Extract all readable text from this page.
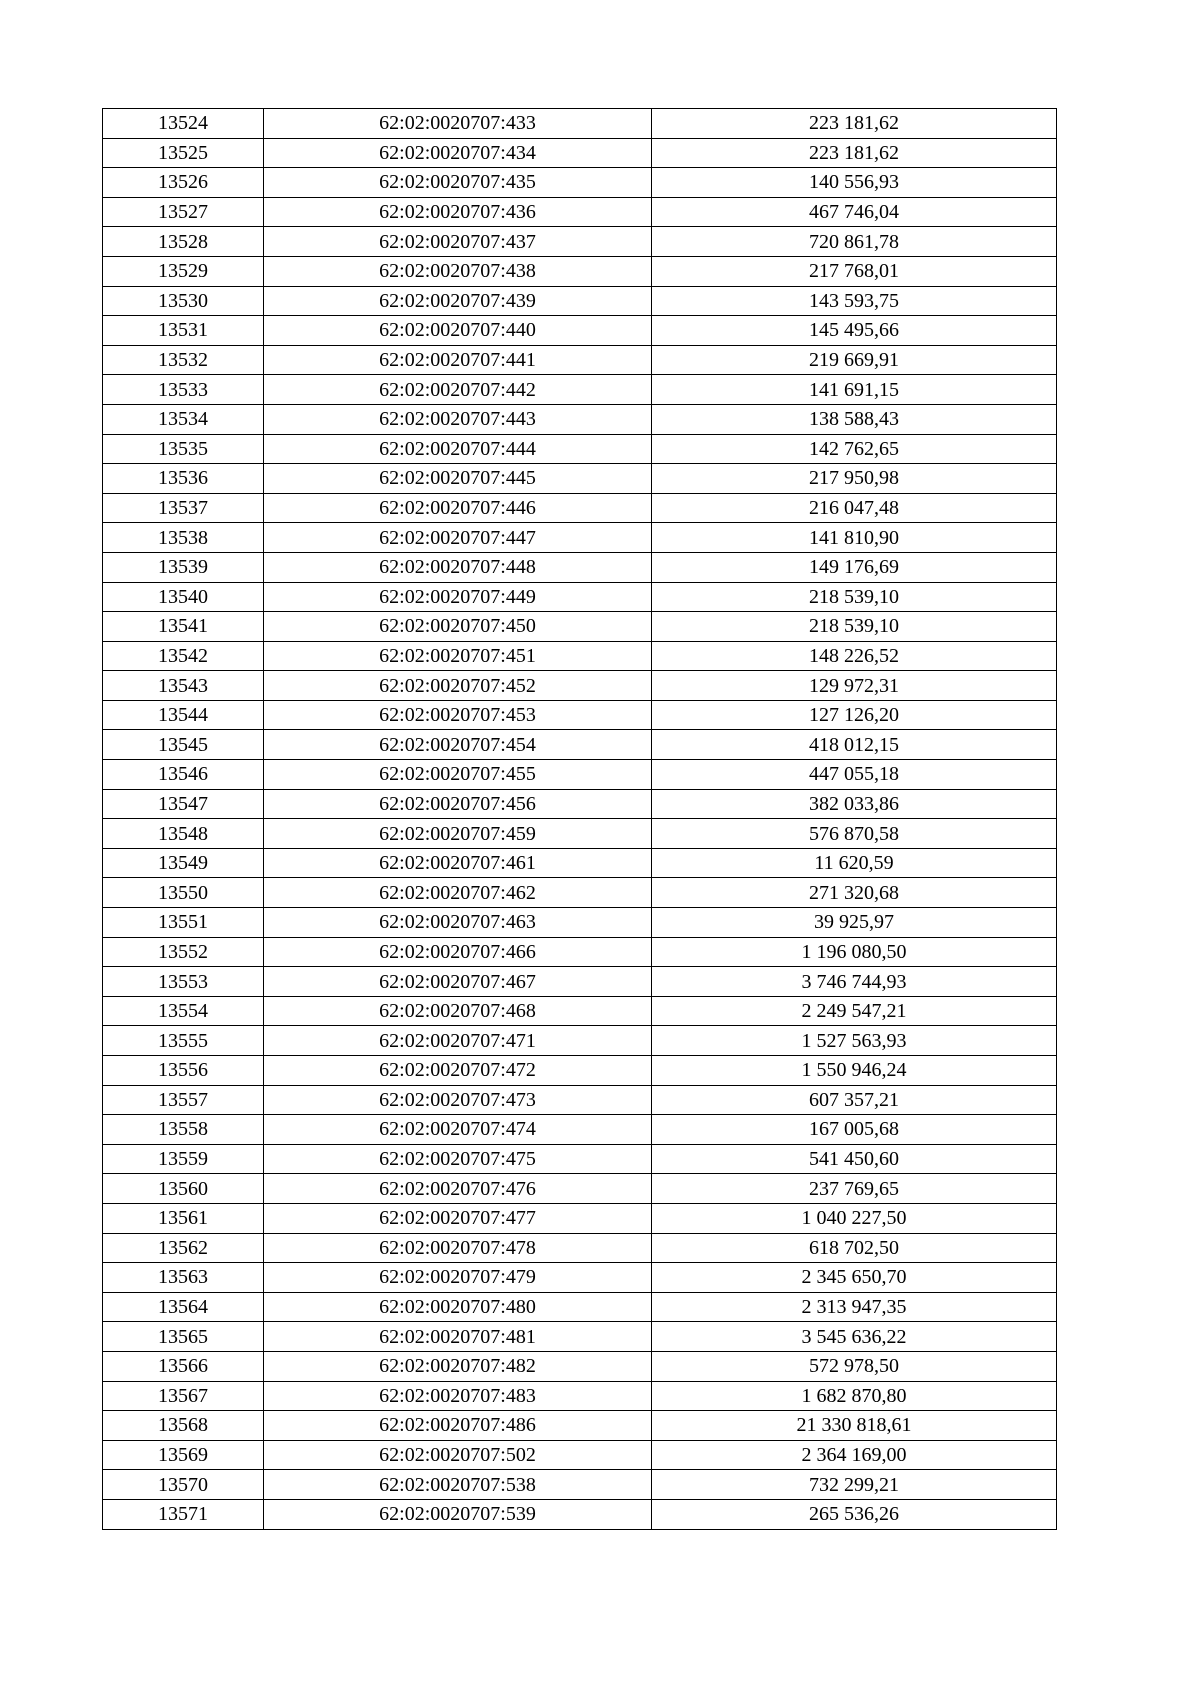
13524	62:02:0020707:433	223 181,62
13525	62:02:0020707:434	223 181,62
13526	62:02:0020707:435	140 556,93
13527	62:02:0020707:436	467 746,04
13528	62:02:0020707:437	720 861,78
13529	62:02:0020707:438	217 768,01
13530	62:02:0020707:439	143 593,75
13531	62:02:0020707:440	145 495,66
13532	62:02:0020707:441	219 669,91
13533	62:02:0020707:442	141 691,15
13534	62:02:0020707:443	138 588,43
13535	62:02:0020707:444	142 762,65
13536	62:02:0020707:445	217 950,98
13537	62:02:0020707:446	216 047,48
13538	62:02:0020707:447	141 810,90
13539	62:02:0020707:448	149 176,69
13540	62:02:0020707:449	218 539,10
13541	62:02:0020707:450	218 539,10
13542	62:02:0020707:451	148 226,52
13543	62:02:0020707:452	129 972,31
13544	62:02:0020707:453	127 126,20
13545	62:02:0020707:454	418 012,15
13546	62:02:0020707:455	447 055,18
13547	62:02:0020707:456	382 033,86
13548	62:02:0020707:459	576 870,58
13549	62:02:0020707:461	11 620,59
13550	62:02:0020707:462	271 320,68
13551	62:02:0020707:463	39 925,97
13552	62:02:0020707:466	1 196 080,50
13553	62:02:0020707:467	3 746 744,93
13554	62:02:0020707:468	2 249 547,21
13555	62:02:0020707:471	1 527 563,93
13556	62:02:0020707:472	1 550 946,24
13557	62:02:0020707:473	607 357,21
13558	62:02:0020707:474	167 005,68
13559	62:02:0020707:475	541 450,60
13560	62:02:0020707:476	237 769,65
13561	62:02:0020707:477	1 040 227,50
13562	62:02:0020707:478	618 702,50
13563	62:02:0020707:479	2 345 650,70
13564	62:02:0020707:480	2 313 947,35
13565	62:02:0020707:481	3 545 636,22
13566	62:02:0020707:482	572 978,50
13567	62:02:0020707:483	1 682 870,80
13568	62:02:0020707:486	21 330 818,61
13569	62:02:0020707:502	2 364 169,00
13570	62:02:0020707:538	732 299,21
13571	62:02:0020707:539	265 536,26
